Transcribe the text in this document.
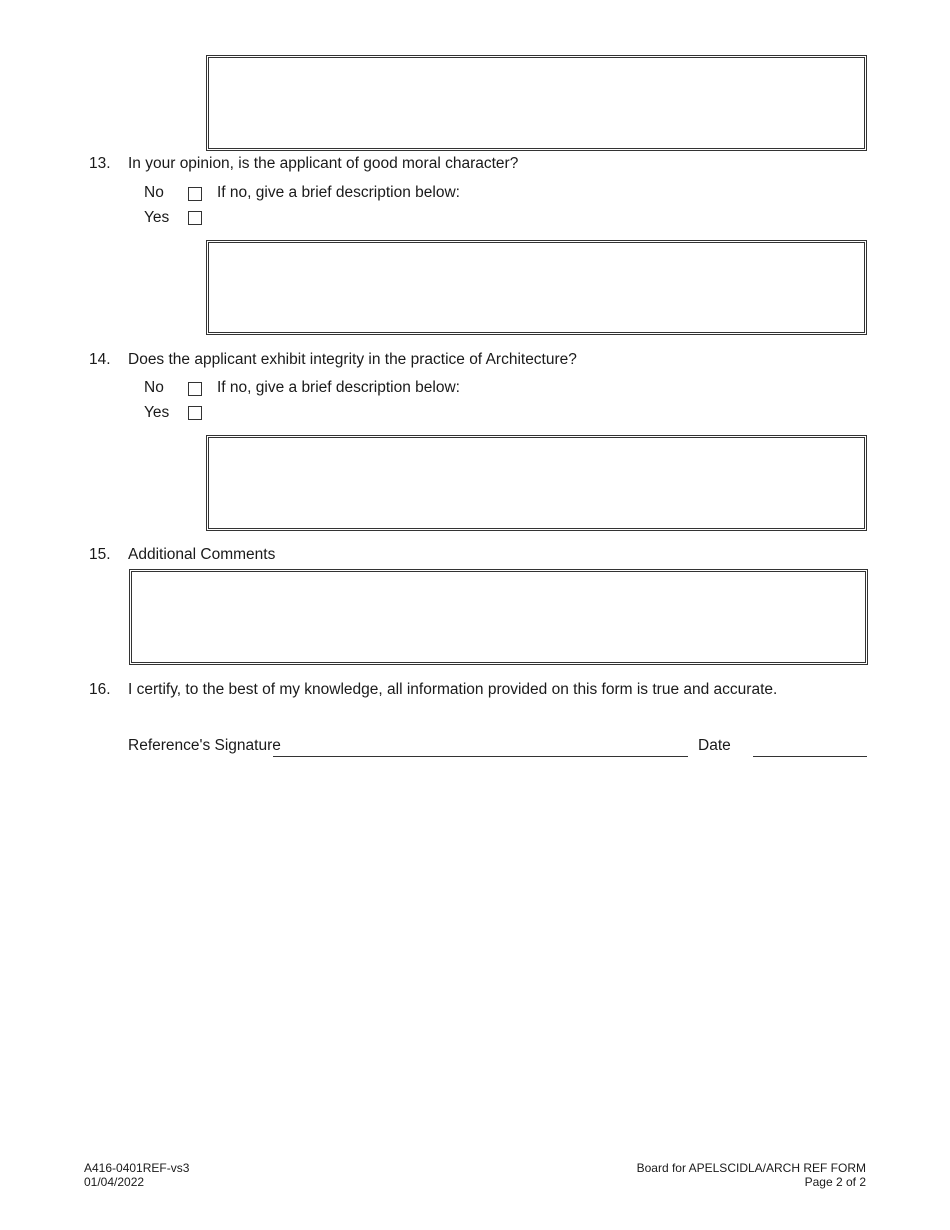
13. In your opinion, is the applicant of good moral character?
No	If no, give a brief description below:
Yes
14. Does the applicant exhibit integrity in the practice of Architecture?
No	If no, give a brief description below:
Yes
15. Additional Comments
16. I certify, to the best of my knowledge, all information provided on this form is true and accurate.
Reference's Signature	Date
A416-0401REF-vs3
01/04/2022
Board for APELSCIDLA/ARCH REF FORM
Page 2 of 2
